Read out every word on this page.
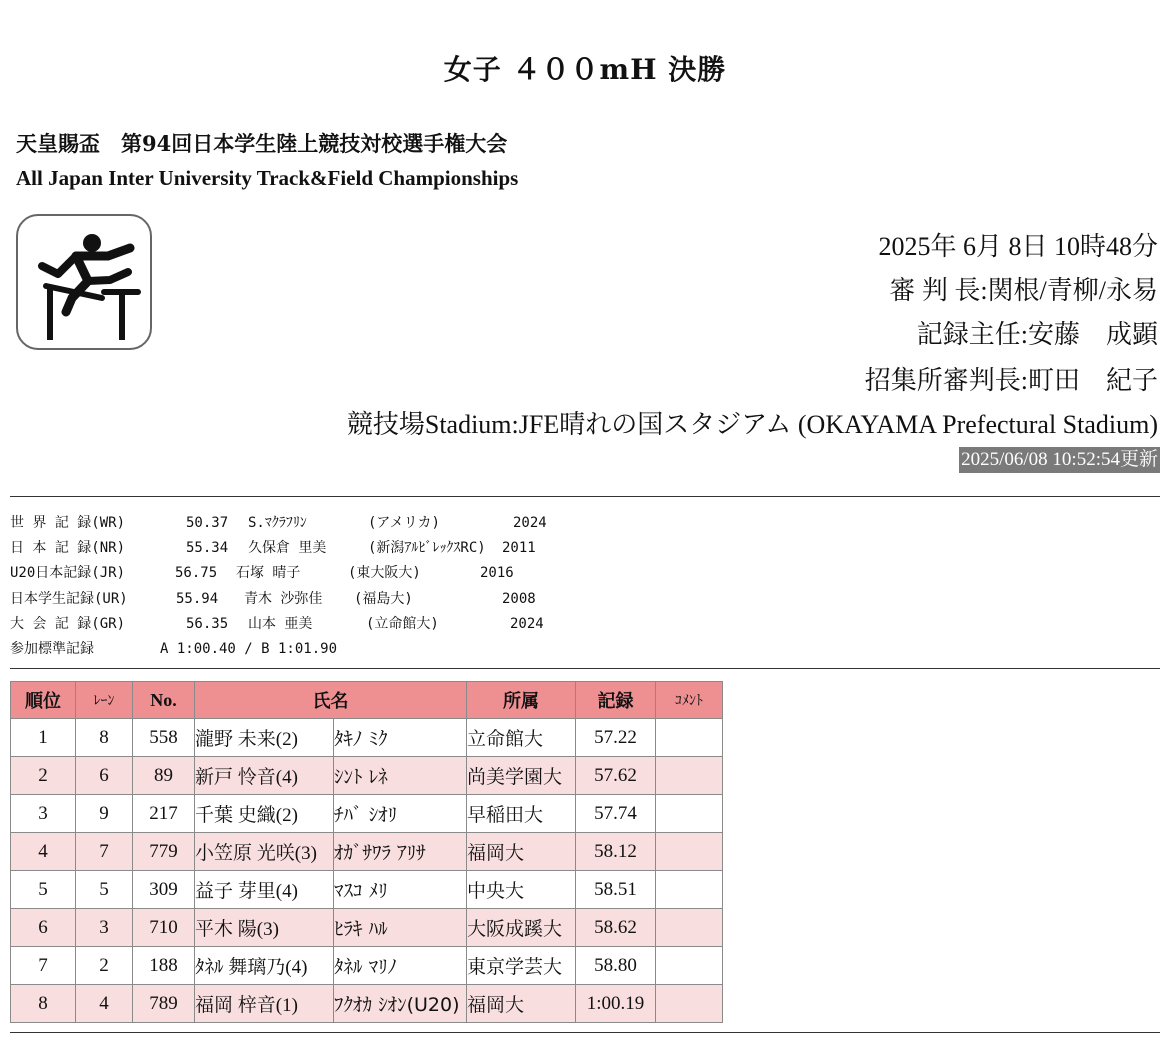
女子 ４００mH 決勝
天皇賜盃　第94回日本学生陸上競技対校選手権大会
All Japan Inter University Track&Field Championships
2025年 6月 8日 10時48分
審 判 長:関根/青柳/永易
記録主任:安藤　成顕
招集所審判長:町田　紀子
競技場Stadium:JFE晴れの国スタジアム (OKAYAMA Prefectural Stadium)
2025/06/08 10:52:54更新
世 界 記 録(WR)	50.37 S.ﾏｸﾗﾌﾘﾝ	(アメリカ)	2024
日 本 記 録(NR)	55.34 久保倉 里美	(新潟ｱﾙﾋﾞﾚｯｸｽRC) 2011
U20日本記録(JR)	56.75 石塚 晴子	(東大阪大)	2016
日本学生記録(UR)	55.94 青木 沙弥佳 (福島大)	2008
大 会 記 録(GR)	56.35 山本 亜美	(立命館大)	2024
参加標準記録	A 1:00.40 / B 1:01.90
順位	ﾚｰﾝ	No.	氏名		所属	記録	ｺﾒﾝﾄ
1	8	558	瀧野 未来(2)	ﾀｷﾉ ﾐｸ	立命館大	57.22	
2	6	89	新戸 怜音(4)	ｼﾝﾄ ﾚﾈ	尚美学園大	57.62	
3	9	217	千葉 史織(2)	ﾁﾊﾞ ｼｵﾘ	早稲田大	57.74	
4	7	779	小笠原 光咲(3)	ｵｶﾞｻﾜﾗ ｱﾘｻ	福岡大	58.12	
5	5	309	益子 芽里(4)	ﾏｽｺ ﾒﾘ	中央大	58.51	
6	3	710	平木 陽(3)	ﾋﾗｷ ﾊﾙ	大阪成蹊大	58.62	
7	2	188	ﾀﾈﾙ 舞璃乃(4)	ﾀﾈﾙ ﾏﾘﾉ	東京学芸大	58.80	
8	4	789	福岡 梓音(1)	ﾌｸｵｶ ｼｵﾝ(U20)	福岡大	1:00.19	
